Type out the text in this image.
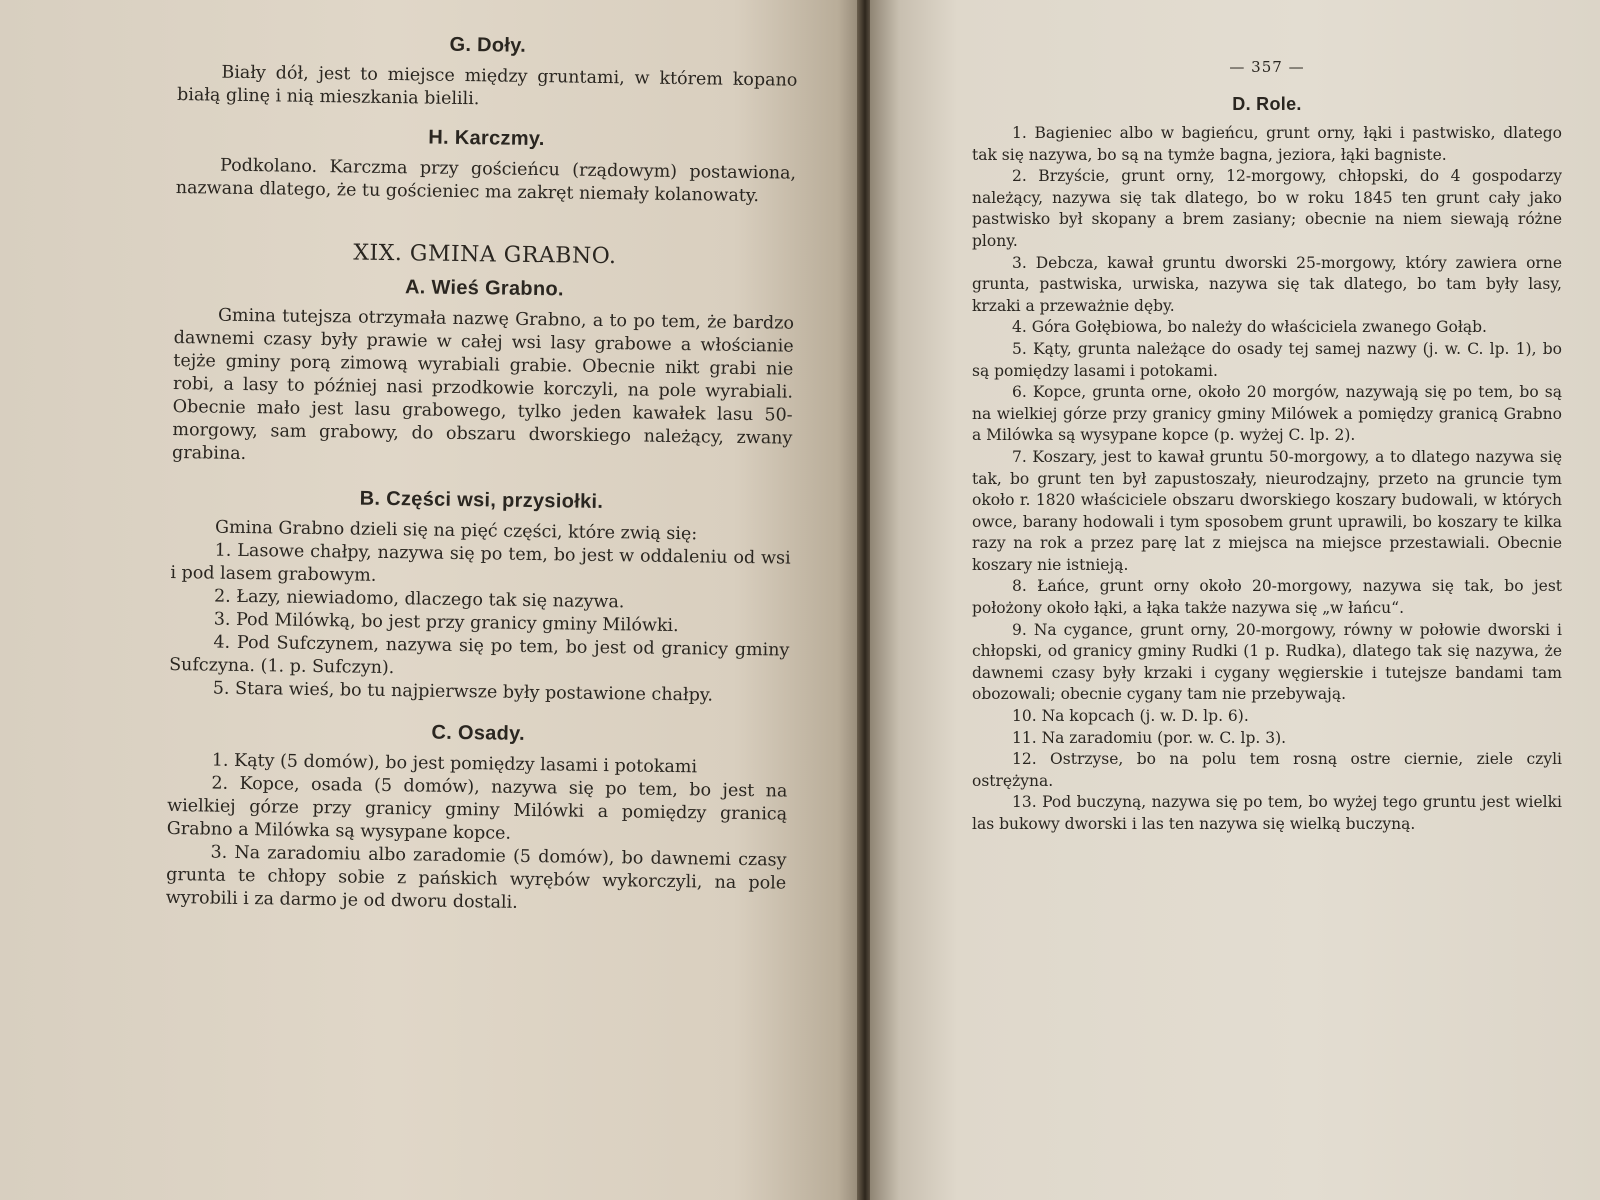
G. Doły.

Biały dół, jest to miejsce między gruntami, w którem kopano białą glinę i nią mieszkania bielili.

H. Karczmy.

Podkolano. Karczma przy gościeńcu (rządowym) postawiona, nazwana dlatego, że tu gościeniec ma zakręt niemały kolanowaty.

XIX. GMINA GRABNO.
A. Wieś Grabno.

Gmina tutejsza otrzymała nazwę Grabno, a to po tem, że bardzo dawnemi czasy były prawie w całej wsi lasy grabowe a włościanie tejże gminy porą zimową wyrabiali grabie. Obecnie nikt grabi nie robi, a lasy to później nasi przodkowie korczyli, na pole wyrabiali. Obecnie mało jest lasu grabowego, tylko jeden kawałek lasu 50-morgowy, sam grabowy, do obszaru dworskiego należący, zwany grabina.

B. Części wsi, przysiołki.

Gmina Grabno dzieli się na pięć części, które zwią się:

1. Lasowe chałpy, nazywa się po tem, bo jest w oddaleniu od wsi i pod lasem grabowym.

2. Łazy, niewiadomo, dlaczego tak się nazywa.

3. Pod Milówką, bo jest przy granicy gminy Milówki.

4. Pod Sufczynem, nazywa się po tem, bo jest od granicy gminy Sufczyna. (1. p. Sufczyn).

5. Stara wieś, bo tu najpierwsze były postawione chałpy.

C. Osady.

1. Kąty (5 domów), bo jest pomiędzy lasami i potokami

2. Kopce, osada (5 domów), nazywa się po tem, bo jest na wielkiej górze przy granicy gminy Milówki a pomiędzy granicą Grabno a Milówka są wysypane kopce.

3. Na zaradomiu albo zaradomie (5 domów), bo dawnemi czasy grunta te chłopy sobie z pańskich wyrębów wykorczyli, na pole wyrobili i za darmo je od dworu dostali.

— 357 —
D. Role.

1. Bagieniec albo w bagieńcu, grunt orny, łąki i pastwisko, dlatego tak się nazywa, bo są na tymże bagna, jeziora, łąki bagniste.

2. Brzyście, grunt orny, 12-morgowy, chłopski, do 4 gospodarzy należący, nazywa się tak dlatego, bo w roku 1845 ten grunt cały jako pastwisko był skopany a brem zasiany; obecnie na niem siewają różne plony.

3. Debcza, kawał gruntu dworski 25-morgowy, który zawiera orne grunta, pastwiska, urwiska, nazywa się tak dlatego, bo tam były lasy, krzaki a przeważnie dęby.

4. Góra Gołębiowa, bo należy do właściciela zwanego Gołąb.

5. Kąty, grunta należące do osady tej samej nazwy (j. w. C. lp. 1), bo są pomiędzy lasami i potokami.

6. Kopce, grunta orne, około 20 morgów, nazywają się po tem, bo są na wielkiej górze przy granicy gminy Milówek a pomiędzy granicą Grabno a Milówka są wysypane kopce (p. wyżej C. lp. 2).

7. Koszary, jest to kawał gruntu 50-morgowy, a to dlatego nazywa się tak, bo grunt ten był zapustoszały, nieurodzajny, przeto na gruncie tym około r. 1820 właściciele obszaru dworskiego koszary budowali, w których owce, barany hodowali i tym sposobem grunt uprawili, bo koszary te kilka razy na rok a przez parę lat z miejsca na miejsce przestawiali. Obecnie koszary nie istnieją.

8. Łańce, grunt orny około 20-morgowy, nazywa się tak, bo jest położony około łąki, a łąka także nazywa się „w łańcu“.

9. Na cygance, grunt orny, 20-morgowy, równy w połowie dworski i chłopski, od granicy gminy Rudki (1 p. Rudka), dlatego tak się nazywa, że dawnemi czasy były krzaki i cygany węgierskie i tutejsze bandami tam obozowali; obecnie cygany tam nie przebywają.

10. Na kopcach (j. w. D. lp. 6).

11. Na zaradomiu (por. w. C. lp. 3).

12. Ostrzyse, bo na polu tem rosną ostre ciernie, ziele czyli ostrężyna.

13. Pod buczyną, nazywa się po tem, bo wyżej tego gruntu jest wielki las bukowy dworski i las ten nazywa się wielką buczyną.
